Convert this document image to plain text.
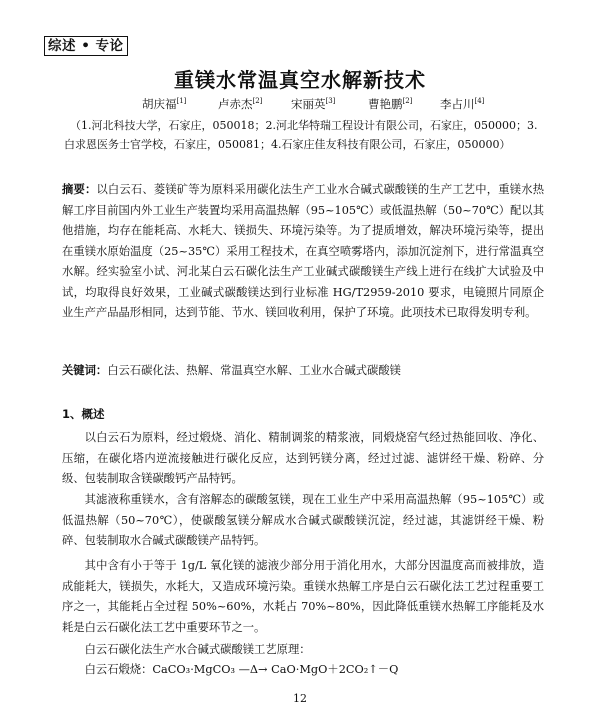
综述 • 专论
重镁水常温真空水解新技术
胡庆福[1]	卢赤杰[2] 宋丽英[3]	曹艳鹏[2] 李占川[4]
（1.河北科技大学，石家庄，050018；2.河北华特瑞工程设计有限公司，石家庄，050000；3.
白求恩医务士官学校，石家庄，050081；4.石家庄佳友科技有限公司，石家庄，050000）
摘要：以白云石、菱镁矿等为原料采用碳化法生产工业水合碱式碳酸镁的生产工艺中，重镁水热解工序目前国内外工业生产装置均采用高温热解（95~105℃）或低温热解（50~70℃）配以其他措施，均存在能耗高、水耗大、镁损失、环境污染等。为了提质增效，解决环境污染等，提出在重镁水原始温度（25~35℃）采用工程技术，在真空喷雾塔内，添加沉淀剂下，进行常温真空水解。经实验室小试、河北某白云石碳化法生产工业碱式碳酸镁生产线上进行在线扩大试验及中试，均取得良好效果，工业碱式碳酸镁达到行业标准 HG/T2959-2010 要求，电镜照片同原企业生产产品晶形相同，达到节能、节水、镁回收利用，保护了环境。此项技术已取得发明专利。
关键词：白云石碳化法、热解、常温真空水解、工业水合碱式碳酸镁
1、概述
以白云石为原料，经过煅烧、消化、精制调浆的精浆液，同煅烧窑气经过热能回收、净化、压缩，在碳化塔内逆流接触进行碳化反应，达到钙镁分离，经过过滤、滤饼经干燥、粉碎、分级、包装制取含镁碳酸钙产品特钙。
其滤液称重镁水，含有溶解态的碳酸氢镁，现在工业生产中采用高温热解（95~105℃）或低温热解（50~70℃），使碳酸氢镁分解成水合碱式碳酸镁沉淀，经过滤，其滤饼经干燥、粉碎、包装制取水合碱式碳酸镁产品特钙。
其中含有小于等于 1g/L 氧化镁的滤液少部分用于消化用水，大部分因温度高而被排放，造成能耗大，镁损失，水耗大，又造成环境污染。重镁水热解工序是白云石碳化法工艺过程重要工序之一，其能耗占全过程 50%~60%，水耗占 70%~80%，因此降低重镁水热解工序能耗及水耗是白云石碳化法工艺中重要环节之一。
白云石碳化法生产水合碱式碳酸镁工艺原理：
白云石煅烧：CaCO₃·MgCO₃ —Δ→ CaO·MgO＋2CO₂↑－Q
12
